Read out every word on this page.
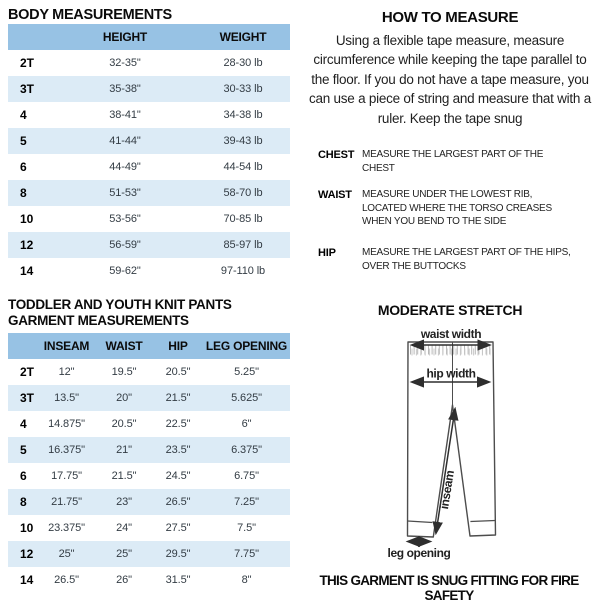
BODY MEASUREMENTS
	HEIGHT	WEIGHT
2T	32-35"	28-30 lb
3T	35-38"	30-33 lb
4	38-41"	34-38 lb
5	41-44"	39-43 lb
6	44-49"	44-54 lb
8	51-53"	58-70 lb
10	53-56"	70-85 lb
12	56-59"	85-97 lb
14	59-62"	97-110 lb
TODDLER AND YOUTH KNIT PANTS
GARMENT MEASUREMENTS
	INSEAM	WAIST	HIP	LEG OPENING
2T	12"	19.5"	20.5"	5.25"
3T	13.5"	20"	21.5"	5.625"
4	14.875"	20.5"	22.5"	6"
5	16.375"	21"	23.5"	6.375"
6	17.75"	21.5"	24.5"	6.75"
8	21.75"	23"	26.5"	7.25"
10	23.375"	24"	27.5"	7.5"
12	25"	25"	29.5"	7.75"
14	26.5"	26"	31.5"	8"
HOW TO MEASURE

Using a flexible tape measure, measure circumference while keeping the tape parallel to the floor. If you do not have a tape measure, you can use a piece of string and measure that with a ruler. Keep the tape snug

CHEST MEASURE THE LARGEST PART OF THE CHEST
WAIST	MEASURE UNDER THE LOWEST RIB, LOCATED WHERE THE TORSO CREASES WHEN YOU BEND TO THE SIDE
HIP	MEASURE THE LARGEST PART OF THE HIPS, OVER THE BUTTOCKS
MODERATE STRETCH
waist width
hip width
inseam
leg opening

THIS GARMENT IS SNUG FITTING FOR FIRE SAFETY
